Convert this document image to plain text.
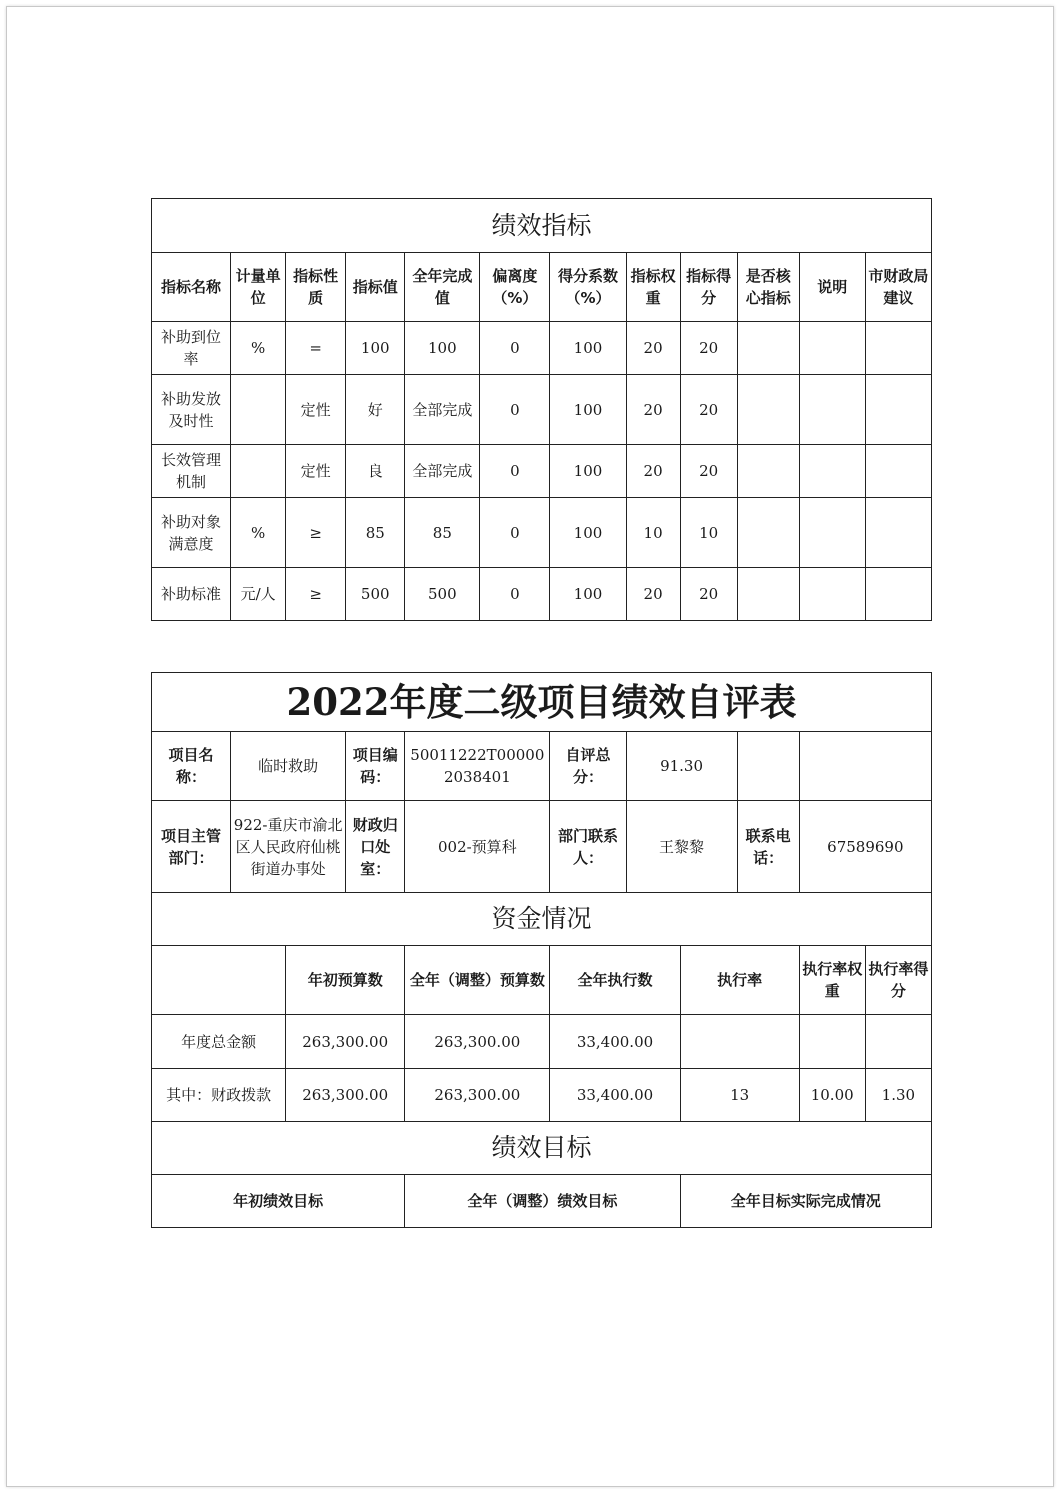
绩效指标											
指标名称	计量单位	指标性质	指标值	全年完成值	偏离度（%）	得分系数（%）	指标权重	指标得分	是否核心指标	说明	市财政局建议
补助到位率	%	=	100	100	0	100	20	20			
补助发放及时性		定性	好	全部完成	0	100	20	20			
长效管理机制		定性	良	全部完成	0	100	20	20			
补助对象满意度	%	≥	85	85	0	100	10	10			
补助标准	元/人	≥	500	500	0	100	20	20			
2022年度二级项目绩效自评表										
项目名称：	临时救助		项目编码：	50011222T000002038401	自评总分：	91.30				
项目主管部门：	922-重庆市渝北区人民政府仙桃街道办事处		财政归口处室：	002-预算科	部门联系人：	王黎黎		联系电话：	67589690	
资金情况										
		年初预算数		全年（调整）预算数	全年执行数		执行率		执行率权重	执行率得分
年度总金额		263,300.00		263,300.00	33,400.00					
其中：财政拨款		263,300.00		263,300.00	33,400.00		13		10.00	1.30
绩效目标										
年初绩效目标				全年（调整）绩效目标			全年目标实际完成情况			
